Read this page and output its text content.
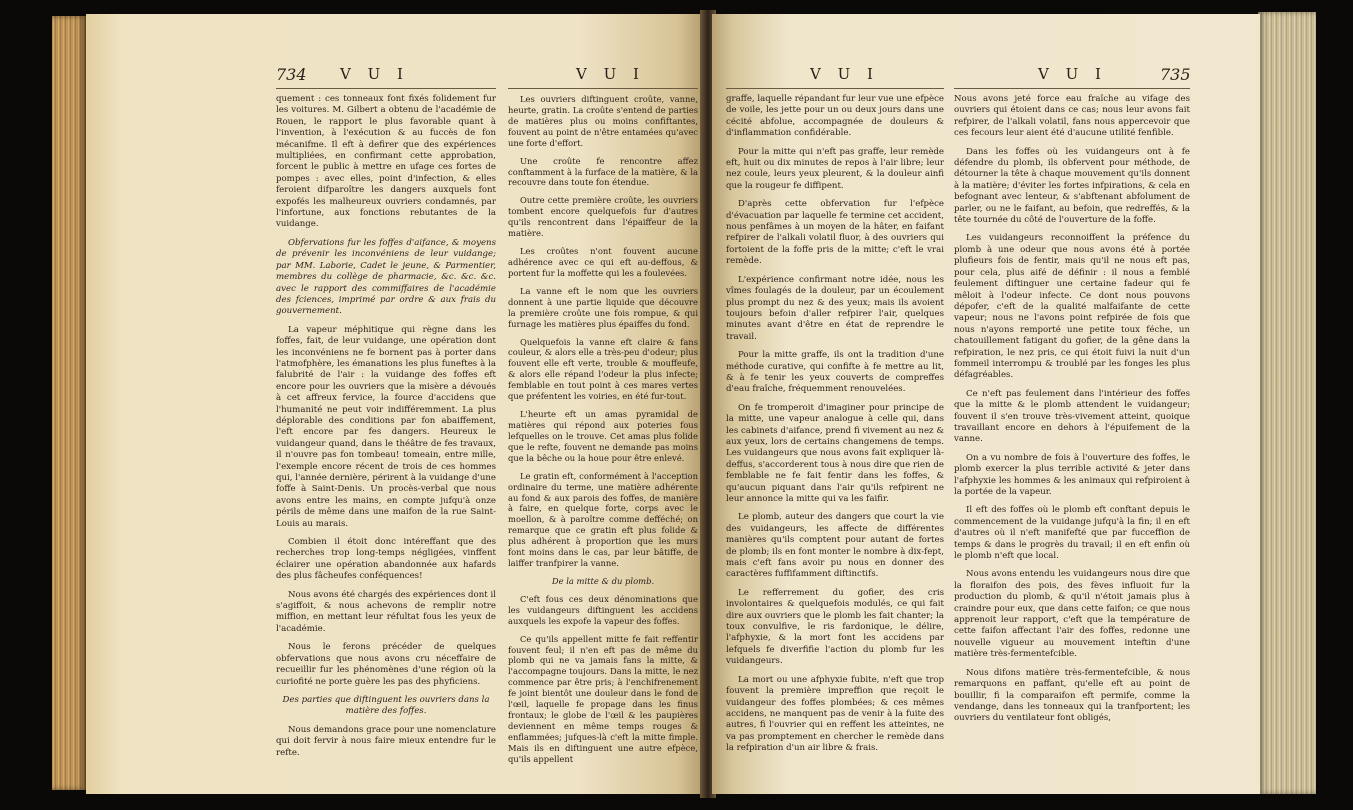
734 V U I	V U I

quement : ces tonneaux font fixés folidement fur les voitures. M. Gilbert a obtenu de l'académie de Rouen, le rapport le plus favorable quant à l'invention, à l'exécution & au fuccès de fon mécanifme. Il eft à defirer que des expériences multipliées, en confirmant cette approbation, forcent le public à mettre en ufage ces fortes de pompes : avec elles, point d'infection, & elles feroient difparoître les dangers auxquels font expofés les malheureux ouvriers condamnés, par l'infortune, aux fonctions rebutantes de la vuidange.

Obfervations fur les foffes d'aifance, & moyens de prévenir les inconvéniens de leur vuidange; par MM. Laborie, Cadet le jeune, & Parmentier, membres du collège de pharmacie, &c. &c. &c. avec le rapport des commiffaires de l'académie des fciences, imprimé par ordre & aux frais du gouvernement.

La vapeur méphitique qui règne dans les foffes, fait, de leur vuidange, une opération dont les inconvéniens ne fe bornent pas à porter dans l'atmofphère, les émanations les plus funeftes à la falubrité de l'air : la vuidange des foffes eft encore pour les ouvriers que la misère a dévoués à cet affreux fervice, la fource d'accidens que l'humanité ne peut voir indifféremment. La plus déplorable des conditions par fon abaiffement, l'eft encore par fes dangers. Heureux le vuidangeur quand, dans le théâtre de fes travaux, il n'ouvre pas fon tombeau! tomeain, entre mille, l'exemple encore récent de trois de ces hommes qui, l'année dernière, périrent à la vuidange d'une foffe à Saint-Denis. Un procès-verbal que nous avons entre les mains, en compte jufqu'à onze périls de même dans une maifon de la rue Saint-Louis au marais.

Combien il étoit donc intéreffant que des recherches trop long-temps négligées, vinffent éclairer une opération abandonnée aux hafards des plus fâcheufes conféquences!

Nous avons été chargés des expériences dont il s'agiffoit, & nous achevons de remplir notre miffion, en mettant leur réfultat fous les yeux de l'académie.

Nous le ferons précéder de quelques obfervations que nous avons cru néceffaire de recueillir fur les phénomènes d'une région où la curiofité ne porte guère les pas des phyficiens.

Des parties que diftinguent les ouvriers dans la matière des foffes.

Nous demandons grace pour une nomenclature qui doit fervir à nous faire mieux entendre fur le refte.

Les ouvriers diftinguent croûte, vanne, heurte, gratin. La croûte s'entend de parties de matières plus ou moins confiftantes, fouvent au point de n'être entamées qu'avec une forte d'effort.

Une croûte fe rencontre affez conftamment à la furface de la matière, & la recouvre dans toute fon étendue.

Outre cette première croûte, les ouvriers tombent encore quelquefois fur d'autres qu'ils rencontrent dans l'épaiffeur de la matière.

Les croûtes n'ont fouvent aucune adhérence avec ce qui eft au-deffous, & portent fur la moffette qui les a foulevées.

La vanne eft le nom que les ouvriers donnent à une partie liquide que découvre la première croûte une fois rompue, & qui furnage les matières plus épaiffes du fond.

Quelquefois la vanne eft claire & fans couleur, & alors elle a très-peu d'odeur; plus fouvent elle eft verte, trouble & mouffeufe, & alors elle répand l'odeur la plus infecte; femblable en tout point à ces mares vertes que préfentent les voiries, en été fur-tout.

L'heurte eft un amas pyramidal de matières qui répond aux poteries fous lefquelles on le trouve. Cet amas plus folide que le refte, fouvent ne demande pas moins que la bêche ou la houe pour être enlevé.

Le gratin eft, conformément à l'acception ordinaire du terme, une matière adhérente au fond & aux parois des foffes, de manière à faire, en quelque forte, corps avec le moellon, & à paroître comme defféché; on remarque que ce gratin eft plus folide & plus adhérent à proportion que les murs font moins dans le cas, par leur bâtiffe, de laiffer tranfpirer la vanne.

De la mitte & du plomb.

C'eft fous ces deux dénominations que les vuidangeurs diftinguent les accidens auxquels les expofe la vapeur des foffes.

Ce qu'ils appellent mitte fe fait reffentir fouvent feul; il n'en eft pas de même du plomb qui ne va jamais fans la mitte, & l'accompagne toujours. Dans la mitte, le nez commence par être pris; à l'enchifrenement fe joint bientôt une douleur dans le fond de l'œil, laquelle fe propage dans les finus frontaux; le globe de l'œil & les paupières deviennent en même temps rouges & enflammées; jufques-là c'eft la mitte fimple. Mais ils en diftinguent une autre efpèce, qu'ils appellent

V U I	V U I	735

graffe, laquelle répandant fur leur vue une efpèce de voile, les jette pour un ou deux jours dans une cécité abfolue, accompagnée de douleurs & d'inflammation confidérable.

Pour la mitte qui n'eft pas graffe, leur remède eft, huit ou dix minutes de repos à l'air libre; leur nez coule, leurs yeux pleurent, & la douleur ainfi que la rougeur fe diffipent.

D'après cette obfervation fur l'efpèce d'évacuation par laquelle fe termine cet accident, nous penfâmes à un moyen de la hâter, en faifant refpirer de l'alkali volatil fluor, à des ouvriers qui fortoient de la foffe pris de la mitte; c'eft le vrai remède.

L'expérience confirmant notre idée, nous les vîmes foulagés de la douleur, par un écoulement plus prompt du nez & des yeux; mais ils avoient toujours befoin d'aller refpirer l'air, quelques minutes avant d'être en état de reprendre le travail.

Pour la mitte graffe, ils ont la tradition d'une méthode curative, qui confifte à fe mettre au lit, & à fe tenir les yeux couverts de compreffes d'eau fraîche, fréquemment renouvelées.

On fe tromperoit d'imaginer pour principe de la mitte, une vapeur analogue à celle qui, dans les cabinets d'aifance, prend fi vivement au nez & aux yeux, lors de certains changemens de temps. Les vuidangeurs que nous avons fait expliquer là-deffus, s'accorderent tous à nous dire que rien de femblable ne fe fait fentir dans les foffes, & qu'aucun piquant dans l'air qu'ils refpirent ne leur annonce la mitte qui va les faifir.

Le plomb, auteur des dangers que court la vie des vuidangeurs, les affecte de différentes manières qu'ils comptent pour autant de fortes de plomb; ils en font monter le nombre à dix-fept, mais c'eft fans avoir pu nous en donner des caractères fuffifamment diftinctifs.

Le refferrement du gofier, des cris involontaires & quelquefois modulés, ce qui fait dire aux ouvriers que le plomb les fait chanter; la toux convulfive, le ris fardonique, le délire, l'afphyxie, & la mort font les accidens par lefquels fe diverfifie l'action du plomb fur les vuidangeurs.

La mort ou une afphyxie fubite, n'eft que trop fouvent la première impreffion que reçoit le vuidangeur des foffes plombées; & ces mêmes accidens, ne manquent pas de venir à la fuite des autres, fi l'ouvrier qui en reffent les atteintes, ne va pas promptement en chercher le remède dans la refpiration d'un air libre & frais.

Nous avons jeté force eau fraîche au vifage des ouvriers qui étoient dans ce cas; nous leur avons fait refpirer, de l'alkali volatil, fans nous appercevoir que ces fecours leur aient été d'aucune utilité fenfible.

Dans les foffes où les vuidangeurs ont à fe défendre du plomb, ils obfervent pour méthode, de détourner la tête à chaque mouvement qu'ils donnent à la matière; d'éviter les fortes infpirations, & cela en befognant avec lenteur, & s'abftenant abfolument de parler, ou ne le faifant, au befoin, que redreffés, & la tête tournée du côté de l'ouverture de la foffe.

Les vuidangeurs reconnoiffent la préfence du plomb à une odeur que nous avons été à portée plufieurs fois de fentir, mais qu'il ne nous eft pas, pour cela, plus aifé de définir : il nous a femblé feulement diftinguer une certaine fadeur qui fe mêloit à l'odeur infecte. Ce dont nous pouvons dépofer, c'eft de la qualité malfaifante de cette vapeur; nous ne l'avons point refpirée de fois que nous n'ayons remporté une petite toux féche, un chatouillement fatigant du gofier, de la gêne dans la refpiration, le nez pris, ce qui étoit fuivi la nuit d'un fommeil interrompu & troublé par les fonges les plus défagréables.

Ce n'eft pas feulement dans l'intérieur des foffes que la mitte & le plomb attendent le vuidangeur; fouvent il s'en trouve très-vivement atteint, quoique travaillant encore en dehors à l'épuifement de la vanne.

On a vu nombre de fois à l'ouverture des foffes, le plomb exercer la plus terrible activité & jeter dans l'afphyxie les hommes & les animaux qui refpiroient à la portée de la vapeur.

Il eft des foffes où le plomb eft conftant depuis le commencement de la vuidange jufqu'à la fin; il en eft d'autres où il n'eft manifefté que par fucceffion de temps & dans le progrès du travail; il en eft enfin où le plomb n'eft que local.

Nous avons entendu les vuidangeurs nous dire que la floraifon des pois, des fèves influoit fur la production du plomb, & qu'il n'étoit jamais plus à craindre pour eux, que dans cette faifon; ce que nous apprenoit leur rapport, c'eft que la température de cette faifon affectant l'air des foffes, redonne une nouvelle vigueur au mouvement inteftin d'une matière très-fermentefcible.

Nous difons matière très-fermentefcible, & nous remarquons en paffant, qu'elle eft au point de bouillir, fi la comparaifon eft permife, comme la vendange, dans les tonneaux qui la tranfportent; les ouvriers du ventilateur font obligés,
